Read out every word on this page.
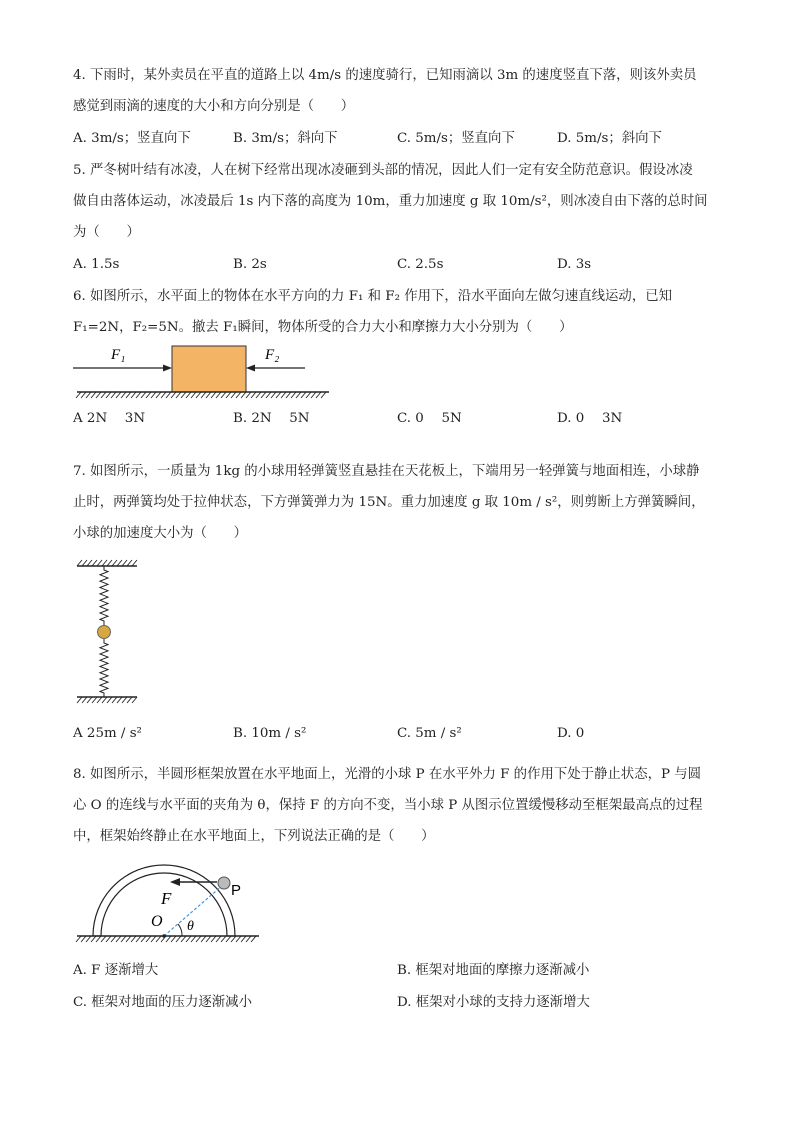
4. 下雨时，某外卖员在平直的道路上以 4m/s 的速度骑行，已知雨滴以 3m 的速度竖直下落，则该外卖员
感觉到雨滴的速度的大小和方向分别是（　　）
A. 3m/s；竖直向下	B. 3m/s；斜向下	C. 5m/s；竖直向下	D. 5m/s；斜向下
5. 严冬树叶结有冰凌，人在树下经常出现冰凌砸到头部的情况，因此人们一定有安全防范意识。假设冰凌
做自由落体运动，冰凌最后 1s 内下落的高度为 10m，重力加速度 g 取 10m/s²，则冰凌自由下落的总时间
为（　　）
A. 1.5s	B. 2s	C. 2.5s	D. 3s
6. 如图所示，水平面上的物体在水平方向的力 F₁ 和 F₂ 作用下，沿水平面向左做匀速直线运动，已知
F₁=2N，F₂=5N。撤去 F₁瞬间，物体所受的合力大小和摩擦力大小分别为（　　）
F₁	F₂
A 2N　 3N	B. 2N　 5N	C. 0　 5N	D. 0　 3N
7. 如图所示，一质量为 1kg 的小球用轻弹簧竖直悬挂在天花板上，下端用另一轻弹簧与地面相连，小球静
止时，两弹簧均处于拉伸状态，下方弹簧弹力为 15N。重力加速度 g 取 10m / s²，则剪断上方弹簧瞬间，
小球的加速度大小为（　　）
A 25m / s²	B. 10m / s²	C. 5m / s²	D. 0
8. 如图所示，半圆形框架放置在水平地面上，光滑的小球 P 在水平外力 F 的作用下处于静止状态，P 与圆
心 O 的连线与水平面的夹角为 θ，保持 F 的方向不变，当小球 P 从图示位置缓慢移动至框架最高点的过程
中，框架始终静止在水平地面上，下列说法正确的是（　　）
F	P
O θ
A. F 逐渐增大	B. 框架对地面的摩擦力逐渐减小
C. 框架对地面的压力逐渐减小	D. 框架对小球的支持力逐渐增大
